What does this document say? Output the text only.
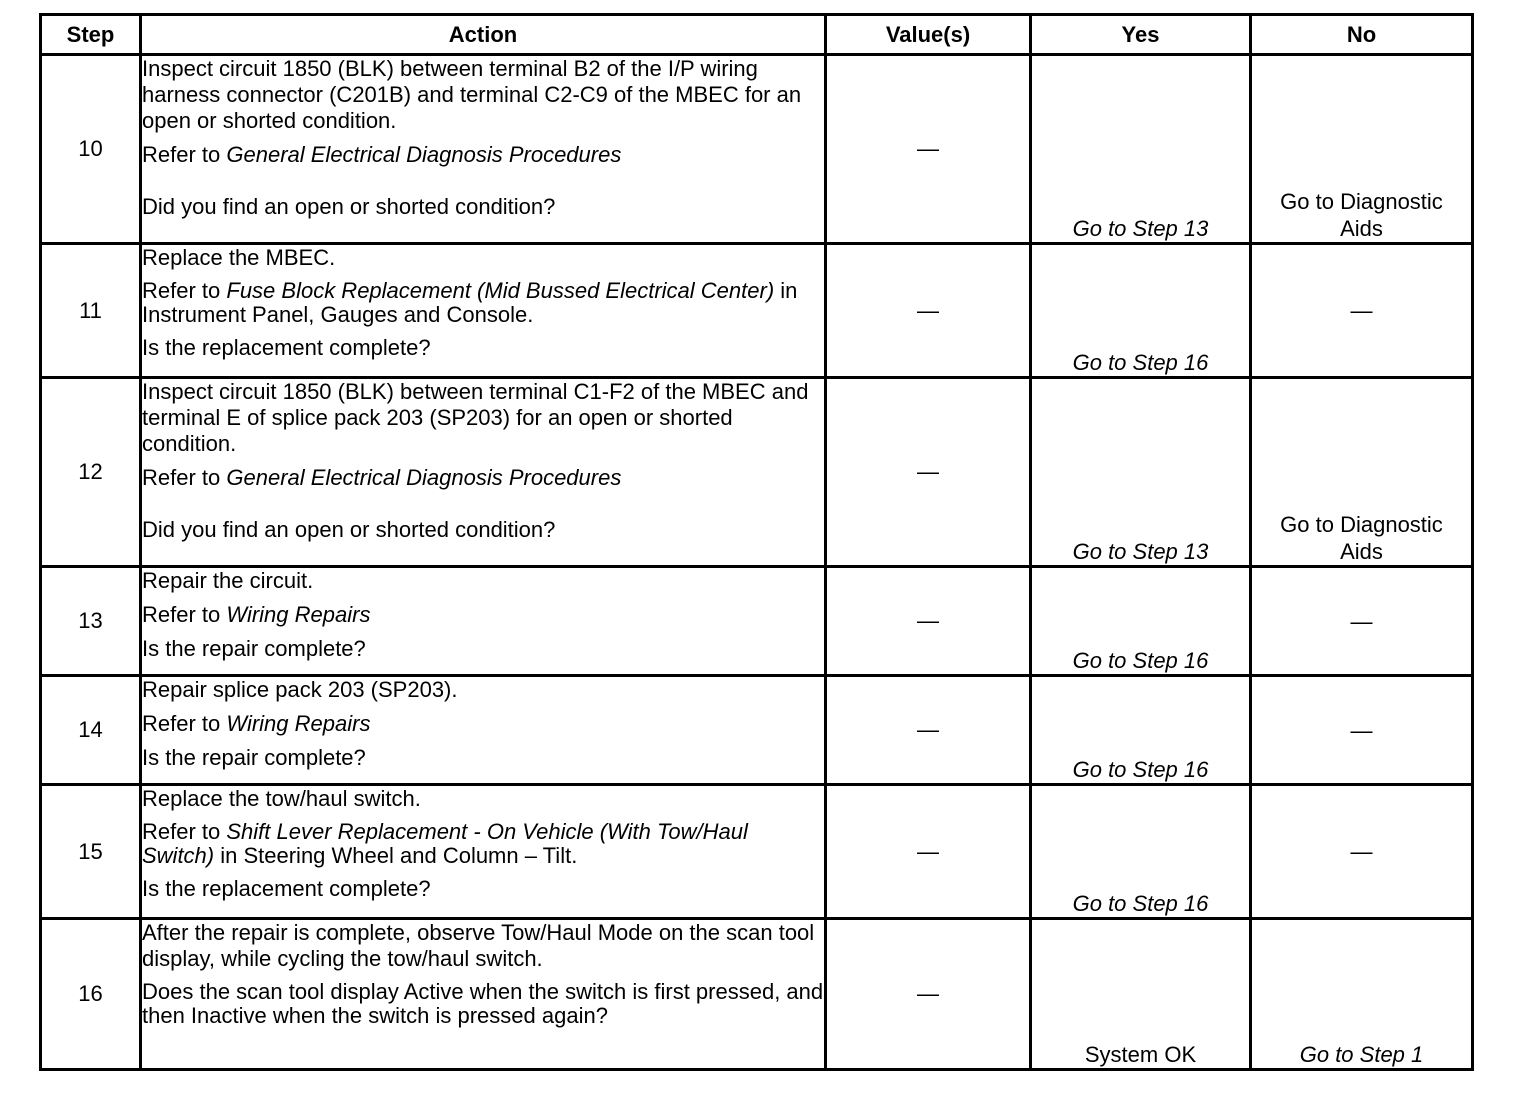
Step	Action	Value(s)	Yes	No
10	Inspect circuit 1850 (BLK) between terminal B2 of the I/P wiring harness connector (C201B) and terminal C2-C9 of the MBEC for an open or shorted condition.
Refer to General Electrical Diagnosis Procedures
Did you find an open or shorted condition?	—	Go to Step 13	Go to Diagnostic Aids
11	Replace the MBEC.
Refer to Fuse Block Replacement (Mid Bussed Electrical Center) in Instrument Panel, Gauges and Console.
Is the replacement complete?	—	Go to Step 16	—
12	Inspect circuit 1850 (BLK) between terminal C1-F2 of the MBEC and terminal E of splice pack 203 (SP203) for an open or shorted condition.
Refer to General Electrical Diagnosis Procedures
Did you find an open or shorted condition?	—	Go to Step 13	Go to Diagnostic Aids
13	Repair the circuit.
Refer to Wiring Repairs
Is the repair complete?	—	Go to Step 16	—
14	Repair splice pack 203 (SP203).
Refer to Wiring Repairs
Is the repair complete?	—	Go to Step 16	—
15	Replace the tow/haul switch.
Refer to Shift Lever Replacement - On Vehicle (With Tow/Haul Switch) in Steering Wheel and Column – Tilt.
Is the replacement complete?	—	Go to Step 16	—
16	After the repair is complete, observe Tow/Haul Mode on the scan tool display, while cycling the tow/haul switch.
Does the scan tool display Active when the switch is first pressed, and then Inactive when the switch is pressed again?	—	System OK	Go to Step 1
